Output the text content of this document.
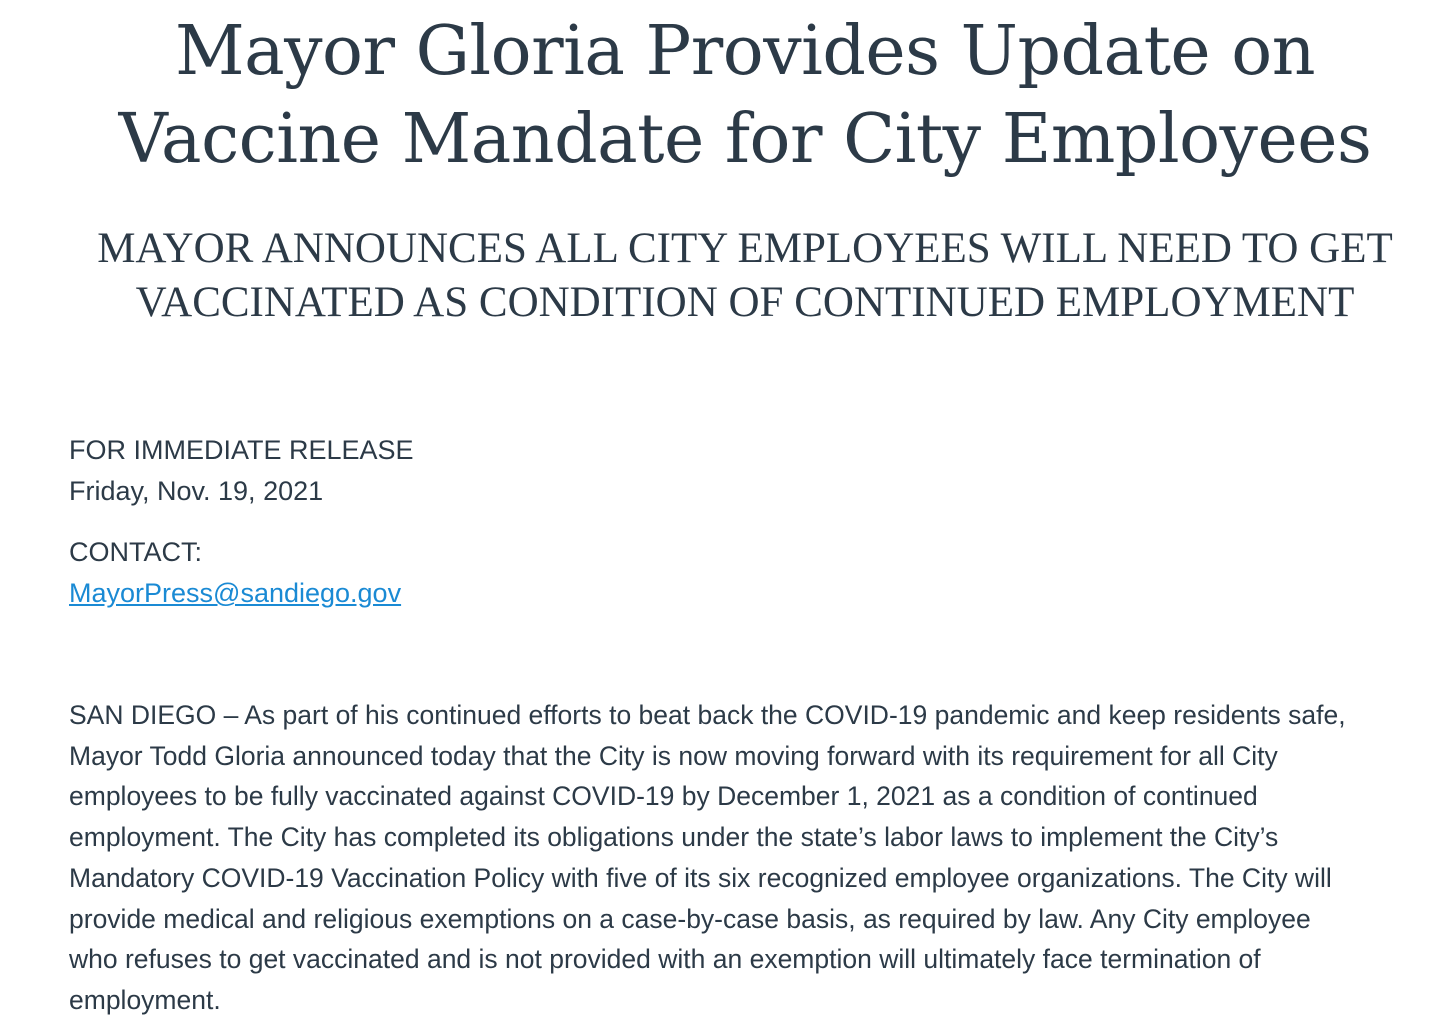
Mayor Gloria Provides Update on
Vaccine Mandate for City Employees
MAYOR ANNOUNCES ALL CITY EMPLOYEES WILL NEED TO GET
VACCINATED AS CONDITION OF CONTINUED EMPLOYMENT
FOR IMMEDIATE RELEASE
Friday, Nov. 19, 2021
CONTACT:
MayorPress@sandiego.gov

SAN DIEGO – As part of his continued efforts to beat back the COVID-19 pandemic and keep residents safe,
Mayor Todd Gloria announced today that the City is now moving forward with its requirement for all City
employees to be fully vaccinated against COVID-19 by December 1, 2021 as a condition of continued
employment. The City has completed its obligations under the state’s labor laws to implement the City’s
Mandatory COVID-19 Vaccination Policy with five of its six recognized employee organizations. The City will
provide medical and religious exemptions on a case-by-case basis, as required by law. Any City employee
who refuses to get vaccinated and is not provided with an exemption will ultimately face termination of
employment.
